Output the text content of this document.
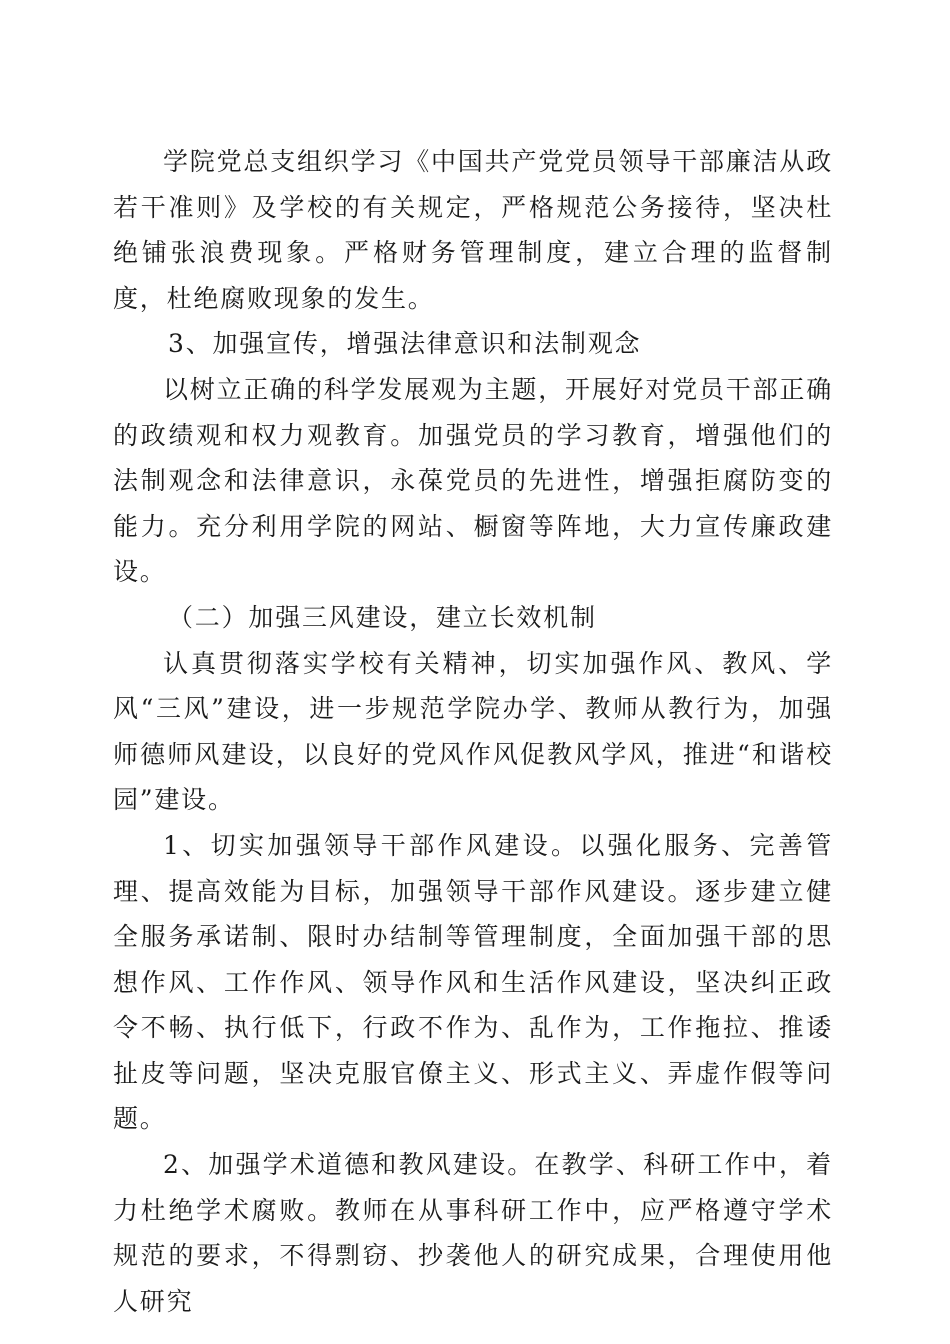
学院党总支组织学习《中国共产党党员领导干部廉洁从政若干准则》及学校的有关规定，严格规范公务接待，坚决杜绝铺张浪费现象。严格财务管理制度，建立合理的监督制度，杜绝腐败现象的发生。

3、加强宣传，增强法律意识和法制观念

以树立正确的科学发展观为主题，开展好对党员干部正确的政绩观和权力观教育。加强党员的学习教育，增强他们的法制观念和法律意识，永葆党员的先进性，增强拒腐防变的能力。充分利用学院的网站、橱窗等阵地，大力宣传廉政建设。

（二）加强三风建设，建立长效机制

认真贯彻落实学校有关精神，切实加强作风、教风、学风“三风”建设，进一步规范学院办学、教师从教行为，加强师德师风建设，以良好的党风作风促教风学风，推进“和谐校园”建设。

1、切实加强领导干部作风建设。以强化服务、完善管理、提高效能为目标，加强领导干部作风建设。逐步建立健全服务承诺制、限时办结制等管理制度，全面加强干部的思想作风、工作作风、领导作风和生活作风建设，坚决纠正政令不畅、执行低下，行政不作为、乱作为，工作拖拉、推诿扯皮等问题，坚决克服官僚主义、形式主义、弄虚作假等问题。

2、加强学术道德和教风建设。在教学、科研工作中，着力杜绝学术腐败。教师在从事科研工作中，应严格遵守学术规范的要求，不得剽窃、抄袭他人的研究成果，合理使用他人研究
